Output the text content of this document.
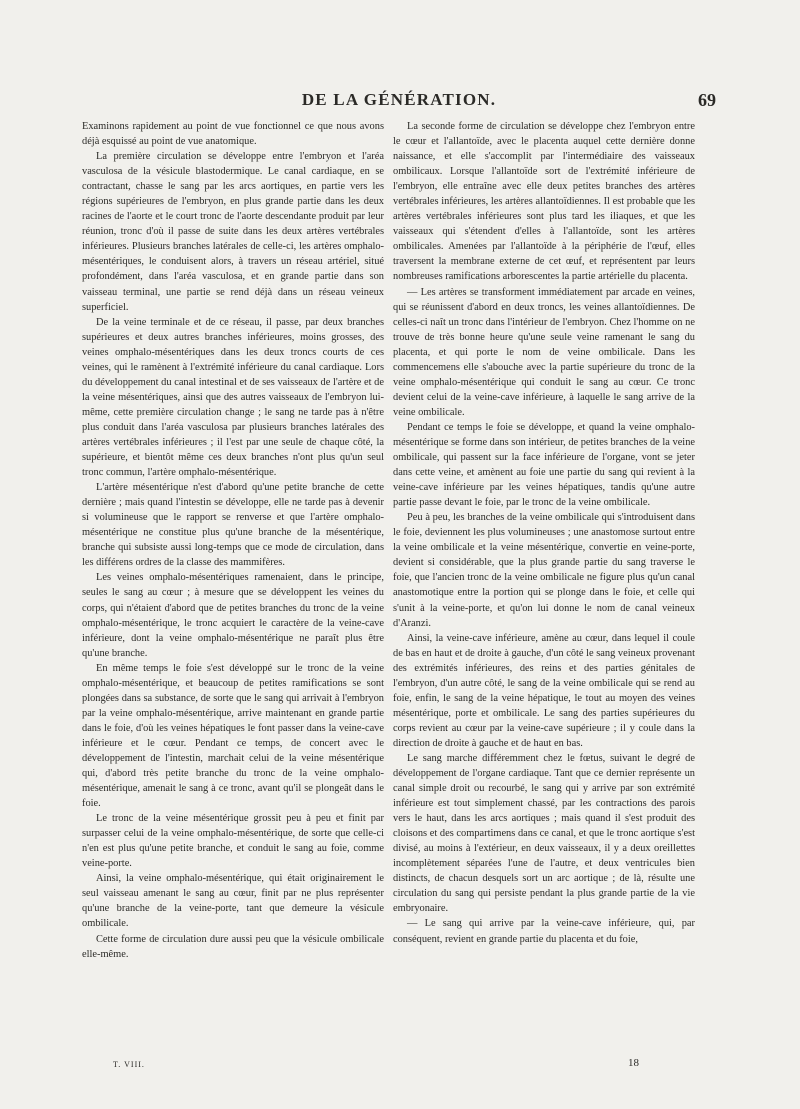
DE LA GÉNÉRATION.	69

Examinons rapidement au point de vue fonctionnel ce que nous avons déjà esquissé au point de vue anatomique.

La première circulation se développe entre l'embryon et l'aréa vasculosa de la vésicule blastodermique. Le canal cardiaque, en se contractant, chasse le sang par les arcs aortiques, en partie vers les régions supérieures de l'embryon, en plus grande partie dans les deux racines de l'aorte et le court tronc de l'aorte descendante produit par leur réunion, tronc d'où il passe de suite dans les deux artères vertébrales inférieures. Plusieurs branches latérales de celle-ci, les artères omphalo-mésentériques, le conduisent alors, à travers un réseau artériel, situé profondément, dans l'aréa vasculosa, et en grande partie dans son vaisseau terminal, une partie se rend déjà dans un réseau veineux superficiel.

De la veine terminale et de ce réseau, il passe, par deux branches supérieures et deux autres branches inférieures, moins grosses, des veines omphalo-mésentériques dans les deux troncs courts de ces veines, qui le ramènent à l'extrémité inférieure du canal cardiaque. Lors du développement du canal intestinal et de ses vaisseaux de l'artère et de la veine mésentériques, ainsi que des autres vaisseaux de l'embryon lui-même, cette première circulation change ; le sang ne tarde pas à n'être plus conduit dans l'aréa vasculosa par plusieurs branches latérales des artères vertébrales inférieures ; il l'est par une seule de chaque côté, la supérieure, et bientôt même ces deux branches n'ont plus qu'un seul tronc commun, l'artère omphalo-mésentérique.

L'artère mésentérique n'est d'abord qu'une petite branche de cette dernière ; mais quand l'intestin se développe, elle ne tarde pas à devenir si volumineuse que le rapport se renverse et que l'artère omphalo-mésentérique ne constitue plus qu'une branche de la mésentérique, branche qui subsiste aussi long-temps que ce mode de circulation, dans les différens ordres de la classe des mammifères.

Les veines omphalo-mésentériques ramenaient, dans le principe, seules le sang au cœur ; à mesure que se développent les veines du corps, qui n'étaient d'abord que de petites branches du tronc de la veine omphalo-mésentérique, le tronc acquiert le caractère de la veine-cave inférieure, dont la veine omphalo-mésentérique ne paraît plus être qu'une branche.

En même temps le foie s'est développé sur le tronc de la veine omphalo-mésentérique, et beaucoup de petites ramifications se sont plongées dans sa substance, de sorte que le sang qui arrivait à l'embryon par la veine omphalo-mésentérique, arrive maintenant en grande partie dans le foie, d'où les veines hépatiques le font passer dans la veine-cave inférieure et le cœur. Pendant ce temps, de concert avec le développement de l'intestin, marchait celui de la veine mésentérique qui, d'abord très petite branche du tronc de la veine omphalo-mésentérique, amenait le sang à ce tronc, avant qu'il se plongeât dans le foie.

Le tronc de la veine mésentérique grossit peu à peu et finit par surpasser celui de la veine omphalo-mésentérique, de sorte que celle-ci n'en est plus qu'une petite branche, et conduit le sang au foie, comme veine-porte.

Ainsi, la veine omphalo-mésentérique, qui était originairement le seul vaisseau amenant le sang au cœur, finit par ne plus représenter qu'une branche de la veine-porte, tant que demeure la vésicule ombilicale.

Cette forme de circulation dure aussi peu que la vésicule ombilicale elle-même.

La seconde forme de circulation se développe chez l'embryon entre le cœur et l'allantoïde, avec le placenta auquel cette dernière donne naissance, et elle s'accomplit par l'intermédiaire des vaisseaux ombilicaux. Lorsque l'allantoïde sort de l'extrémité inférieure de l'embryon, elle entraîne avec elle deux petites branches des artères vertébrales inférieures, les artères allantoïdiennes. Il est probable que les artères vertébrales inférieures sont plus tard les iliaques, et que les vaisseaux qui s'étendent d'elles à l'allantoïde, sont les artères ombilicales. Amenées par l'allantoïde à la périphérie de l'œuf, elles traversent la membrane externe de cet œuf, et représentent par leurs nombreuses ramifications arborescentes la partie artérielle du placenta.

— Les artères se transforment immédiatement par arcade en veines, qui se réunissent d'abord en deux troncs, les veines allantoïdiennes. De celles-ci naît un tronc dans l'intérieur de l'embryon. Chez l'homme on ne trouve de très bonne heure qu'une seule veine ramenant le sang du placenta, et qui porte le nom de veine ombilicale. Dans les commencemens elle s'abouche avec la partie supérieure du tronc de la veine omphalo-mésentérique qui conduit le sang au cœur. Ce tronc devient celui de la veine-cave inférieure, à laquelle le sang arrive de la veine ombilicale.

Pendant ce temps le foie se développe, et quand la veine omphalo-mésentérique se forme dans son intérieur, de petites branches de la veine ombilicale, qui passent sur la face inférieure de l'organe, vont se jeter dans cette veine, et amènent au foie une partie du sang qui revient à la veine-cave inférieure par les veines hépatiques, tandis qu'une autre partie passe devant le foie, par le tronc de la veine ombilicale.

Peu à peu, les branches de la veine ombilicale qui s'introduisent dans le foie, deviennent les plus volumineuses ; une anastomose surtout entre la veine ombilicale et la veine mésentérique, convertie en veine-porte, devient si considérable, que la plus grande partie du sang traverse le foie, que l'ancien tronc de la veine ombilicale ne figure plus qu'un canal anastomotique entre la portion qui se plonge dans le foie, et celle qui s'unit à la veine-porte, et qu'on lui donne le nom de canal veineux d'Aranzi.

Ainsi, la veine-cave inférieure, amène au cœur, dans lequel il coule de bas en haut et de droite à gauche, d'un côté le sang veineux provenant des extrémités inférieures, des reins et des parties génitales de l'embryon, d'un autre côté, le sang de la veine ombilicale qui se rend au foie, enfin, le sang de la veine hépatique, le tout au moyen des veines mésentérique, porte et ombilicale. Le sang des parties supérieures du corps revient au cœur par la veine-cave supérieure ; il y coule dans la direction de droite à gauche et de haut en bas.

Le sang marche différemment chez le fœtus, suivant le degré de développement de l'organe cardiaque. Tant que ce dernier représente un canal simple droit ou recourbé, le sang qui y arrive par son extrémité inférieure est tout simplement chassé, par les contractions des parois vers le haut, dans les arcs aortiques ; mais quand il s'est produit des cloisons et des compartimens dans ce canal, et que le tronc aortique s'est divisé, au moins à l'extérieur, en deux vaisseaux, il y a deux oreillettes incomplètement séparées l'une de l'autre, et deux ventricules bien distincts, de chacun desquels sort un arc aortique ; de là, résulte une circulation du sang qui persiste pendant la plus grande partie de la vie embryonaire.

— Le sang qui arrive par la veine-cave inférieure, qui, par conséquent, revient en grande partie du placenta et du foie,

T. VIII.	18
